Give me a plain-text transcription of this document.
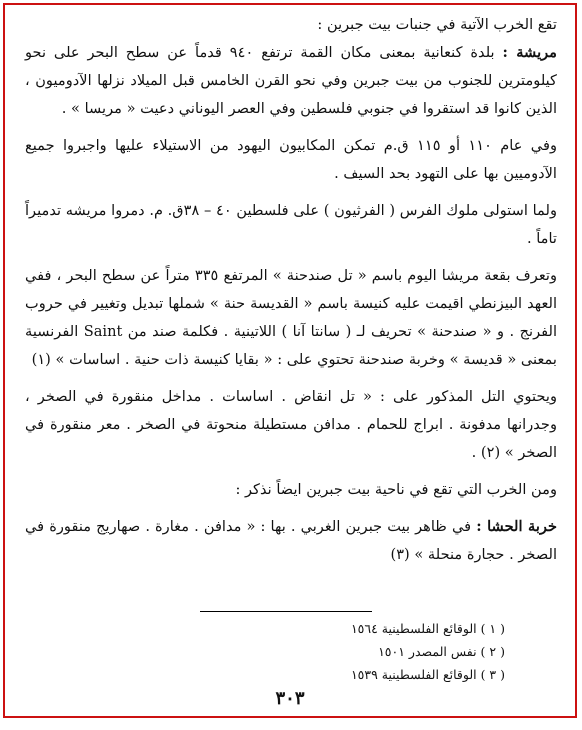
تقع الخرب الآتية في جنبات بيت جبرين :

مريشة : بلدة كنعانية بمعنى مكان القمة ترتفع ٩٤٠ قدماً عن سطح البحر على نحو كيلومترين للجنوب من بيت جبرين وفي نحو القرن الخامس قبل الميلاد نزلها الآدوميون ، الذين كانوا قد استقروا في جنوبي فلسطين وفي العصر اليوناني دعيت « مريسا » .

وفي عام ١١٠ أو ١١٥ ق.م تمكن المكابيون اليهود من الاستيلاء عليها واجبروا جميع الآدوميين بها على التهود بحد السيف .

ولما استولى ملوك الفرس ( الفرثيون ) على فلسطين ٤٠ – ٣٨ق. م. دمروا مريشه تدميراً تاماً .

وتعرف بقعة مريشا اليوم باسم « تل صندحنة » المرتفع ٣٣٥ متراً عن سطح البحر ، ففي العهد البيزنطي اقيمت عليه كنيسة باسم « القديسة حنة » شملها تبديل وتغيير في حروب الفرنج . و « صندحنة » تحريف لـ ( سانتا آنا ) اللاتينية . فكلمة صند من Saint الفرنسية بمعنى « قديسة » وخربة صندحنة تحتوي على : « بقايا كنيسة ذات حنية . اساسات » (١)

ويحتوي التل المذكور على : « تل انقاض . اساسات . مداخل منقورة في الصخر ، وجدرانها مدفونة . ابراج للحمام . مدافن مستطيلة منحوتة في الصخر . معر منقورة في الصخر » (٢) .

ومن الخرب التي تقع في ناحية بيت جبرين ايضاً نذكر :

خربة الحشا : في ظاهر بيت جبرين الغربي . بها : « مدافن . مغارة . صهاريج منقورة في الصخر . حجارة منحلة » (٣)

( ١ ) الوقائع الفلسطينية ١٥٦٤
( ٢ ) نفس المصدر ١٥٠١
( ٣ ) الوقائع الفلسطينية ١٥٣٩
٣٠٣
